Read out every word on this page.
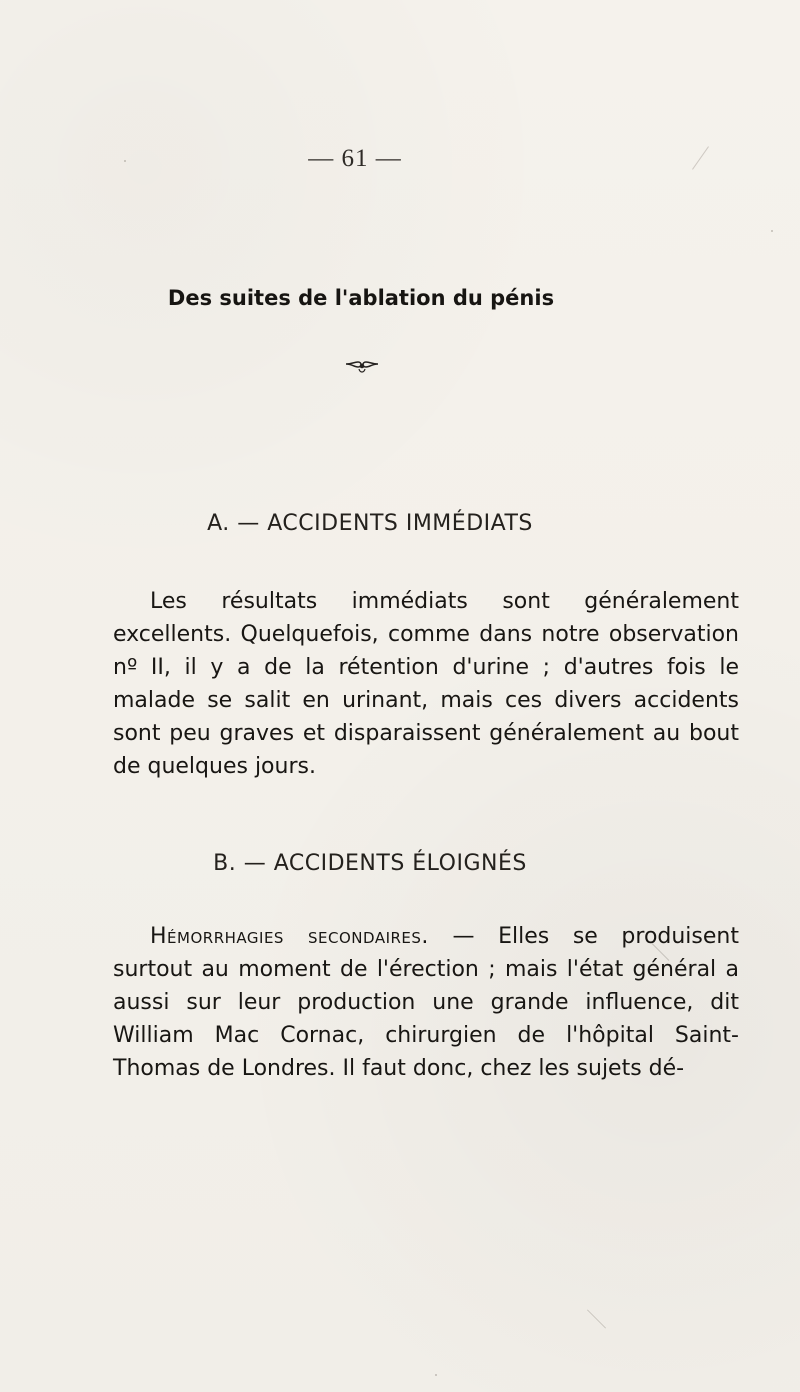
— 61 —
Des suites de l'ablation du pénis
A. — ACCIDENTS IMMÉDIATS
Les résultats immédiats sont généralement excellents. Quelquefois, comme dans notre observation nº II, il y a de la rétention d'urine ; d'autres fois le malade se salit en urinant, mais ces divers accidents sont peu graves et disparaissent généralement au bout de quelques jours.
B. — ACCIDENTS ÉLOIGNÉS
Hémorrhagies secondaires. — Elles se produisent surtout au moment de l'érection ; mais l'état général a aussi sur leur production une grande influence, dit William Mac Cornac, chirurgien de l'hôpital Saint-Thomas de Londres. Il faut donc, chez les sujets dé-
